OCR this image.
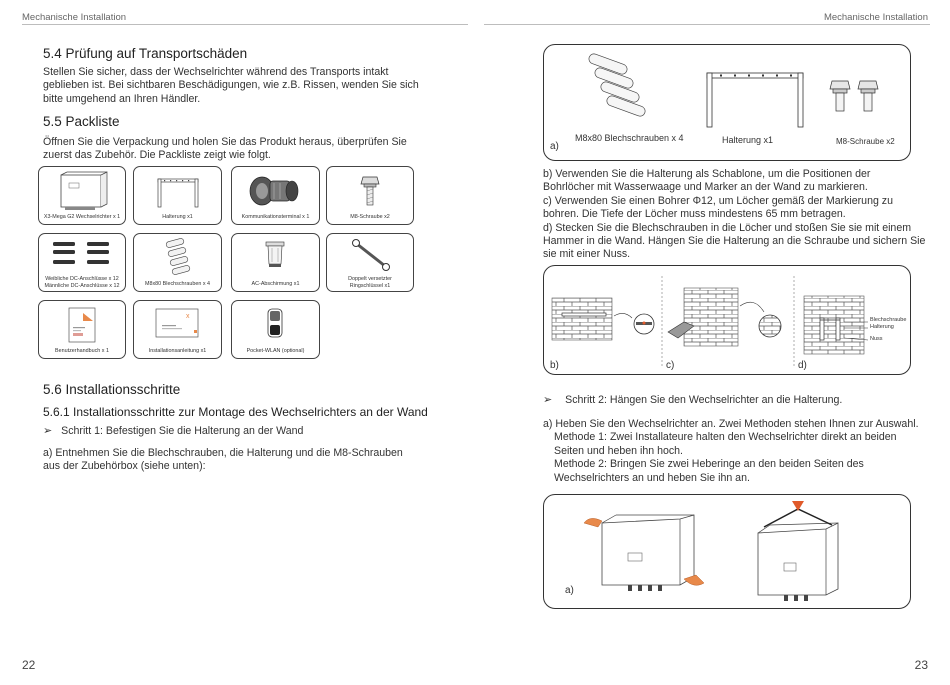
Mechanische Installation
5.4 Prüfung auf Transportschäden
Stellen Sie sicher, dass der Wechselrichter während des Transports intakt
geblieben ist. Bei sichtbaren Beschädigungen, wie z.B. Rissen, wenden Sie sich
bitte umgehend an Ihren Händler.
5.5 Packliste
Öffnen Sie die Verpackung und holen Sie das Produkt heraus, überprüfen Sie
zuerst das Zubehör. Die Packliste zeigt wie folgt.
X3-Mega G2 Wechselrichter x 1	Halterung x1	Kommunikationsterminal x 1	M8-Schraube x2
Weibliche DC-Anschlüsse x 12
Männliche DC-Anschlüsse x 12	M8x80 Blechschrauben x 4	AC-Abschirmung x1
Doppelt versetzter
Ringschlüssel x1
Benutzerhandbuch x 1
x
Installationsanleitung x1	Pocket-WLAN (optional)
5.6 Installationsschritte
5.6.1 Installationsschritte zur Montage des Wechselrichters an der Wand
➢ Schritt 1: Befestigen Sie die Halterung an der Wand
a) Entnehmen Sie die Blechschrauben, die Halterung und die M8-Schrauben
aus der Zubehörbox (siehe unten):
22
Mechanische Installation
a)
M8x80 Blechschrauben x 4	Halterung x1	M8-Schraube x2
b) Verwenden Sie die Halterung als Schablone, um die Positionen der
Bohrlöcher mit Wasserwaage und Marker an der Wand zu markieren.
c) Verwenden Sie einen Bohrer Φ12, um Löcher gemäß der Markierung zu
bohren. Die Tiefe der Löcher muss mindestens 65 mm betragen.
d) Stecken Sie die Blechschrauben in die Löcher und stoßen Sie sie mit einem
Hammer in die Wand. Hängen Sie die Halterung an die Schraube und sichern Sie
sie mit einer Nuss.
b)	c)	d)
Blechschraube
Halterung
Nuss
➢ Schritt 2: Hängen Sie den Wechselrichter an die Halterung.
a) Heben Sie den Wechselrichter an. Zwei Methoden stehen Ihnen zur Auswahl.
Methode 1: Zwei Installateure halten den Wechselrichter direkt an beiden
Seiten und heben ihn hoch.
Methode 2: Bringen Sie zwei Heberinge an den beiden Seiten des
Wechselrichters an und heben Sie ihn an.
a)
23
